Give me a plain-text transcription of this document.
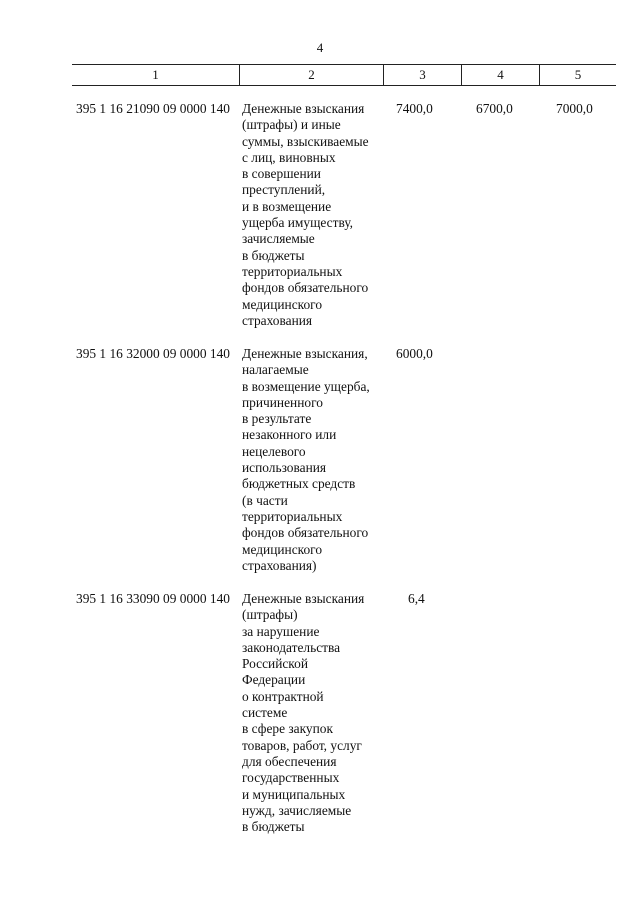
4
1	2	3	4	5
395 1 16 21090 09 0000 140 Денежные взыскания
(штрафы) и иные
суммы, взыскиваемые
с лиц, виновных
в совершении
преступлений,
и в возмещение
ущерба имуществу,
зачисляемые
в бюджеты
территориальных
фондов обязательного
медицинского
страхования
7400,0	6700,0	7000,0
395 1 16 32000 09 0000 140 Денежные взыскания,
налагаемые
в возмещение ущерба,
причиненного
в результате
незаконного или
нецелевого
использования
бюджетных средств
(в части
территориальных
фондов обязательного
медицинского
страхования)
6000,0
395 1 16 33090 09 0000 140 Денежные взыскания
(штрафы)
за нарушение
законодательства
Российской
Федерации
о контрактной
системе
в сфере закупок
товаров, работ, услуг
для обеспечения
государственных
и муниципальных
нужд, зачисляемые
в бюджеты
6,4
